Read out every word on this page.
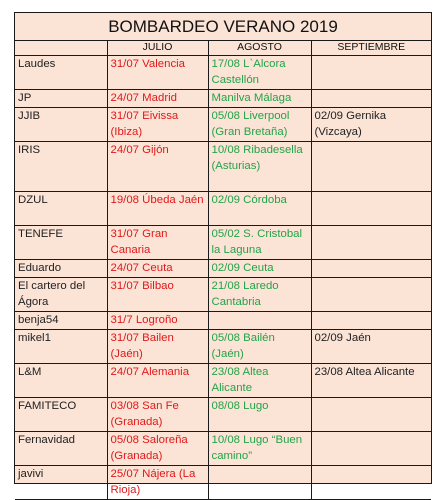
BOMBARDEO VERANO 2019
	JULIO	AGOSTO	SEPTIEMBRE
Laudes	31/07 Valencia	17/08 L`Alcora Castellón	
JP	24/07 Madrid	Manilva Málaga	
JJIB	31/07 Eivissa (Ibiza)	05/08 Liverpool (Gran Bretaña)	02/09 Gernika (Vizcaya)
IRIS	24/07 Gijón	10/08 Ribadesella (Asturias)	
DZUL	19/08 Úbeda Jaén	02/09 Córdoba	
TENEFE	31/07 Gran Canaria	05/02 S. Cristobal la Laguna	
Eduardo	24/07 Ceuta	02/09 Ceuta	
El cartero del Ágora	31/07 Bilbao	21/08 Laredo Cantabria	
benja54	31/7 Logroño		
mikel1	31/07 Bailen (Jaén)	05/08 Bailén (Jaén)	02/09 Jaén
L&M	24/07 Alemania	23/08 Altea Alicante	23/08 Altea Alicante
FAMITECO	03/08 San Fe (Granada)	08/08 Lugo	
Fernavidad	05/08 Saloreña (Granada)	10/08 Lugo “Buen camino”	
javivi	25/07 Nájera (La Rioja)		
